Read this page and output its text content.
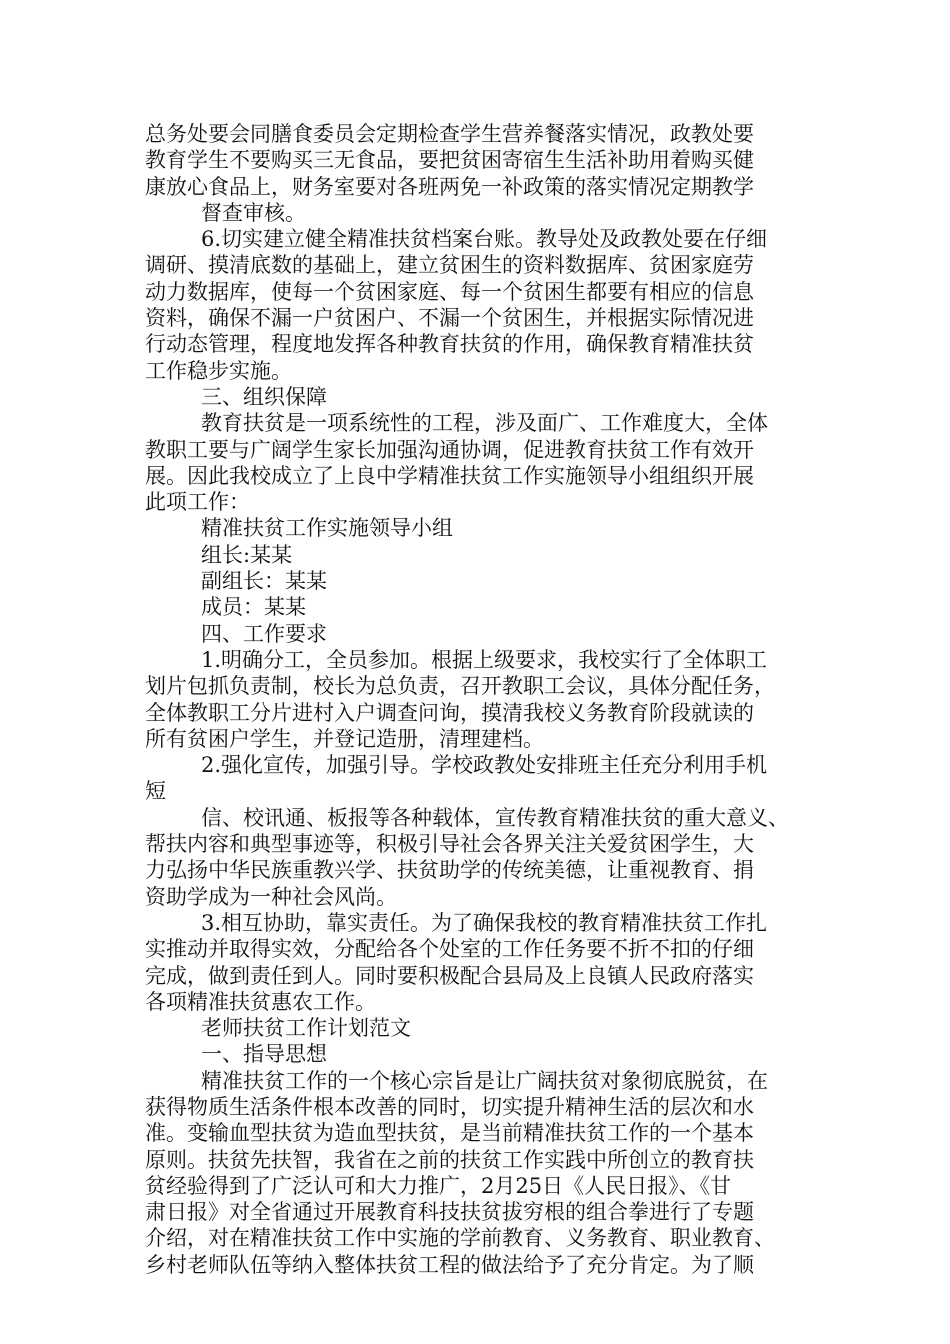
总务处要会同膳食委员会定期检查学生营养餐落实情况，政教处要
教育学生不要购买三无食品，要把贫困寄宿生生活补助用着购买健
康放心食品上，财务室要对各班两免一补政策的落实情况定期教学
督查审核。
6.切实建立健全精准扶贫档案台账。教导处及政教处要在仔细
调研、摸清底数的基础上，建立贫困生的资料数据库、贫困家庭劳
动力数据库，使每一个贫困家庭、每一个贫困生都要有相应的信息
资料，确保不漏一户贫困户、不漏一个贫困生，并根据实际情况进
行动态管理，程度地发挥各种教育扶贫的作用，确保教育精准扶贫
工作稳步实施。
三、组织保障
教育扶贫是一项系统性的工程，涉及面广、工作难度大，全体
教职工要与广阔学生家长加强沟通协调，促进教育扶贫工作有效开
展。因此我校成立了上良中学精准扶贫工作实施领导小组组织开展
此项工作：
精准扶贫工作实施领导小组
组长:某某
副组长：某某
成员：某某
四、工作要求
1.明确分工，全员参加。根据上级要求，我校实行了全体职工
划片包抓负责制，校长为总负责，召开教职工会议，具体分配任务，
全体教职工分片进村入户调查问询，摸清我校义务教育阶段就读的
所有贫困户学生，并登记造册，清理建档。
2.强化宣传，加强引导。学校政教处安排班主任充分利用手机
短
信、校讯通、板报等各种载体，宣传教育精准扶贫的重大意义、
帮扶内容和典型事迹等，积极引导社会各界关注关爱贫困学生，大
力弘扬中华民族重教兴学、扶贫助学的传统美德，让重视教育、捐
资助学成为一种社会风尚。
3.相互协助，靠实责任。为了确保我校的教育精准扶贫工作扎
实推动并取得实效，分配给各个处室的工作任务要不折不扣的仔细
完成，做到责任到人。同时要积极配合县局及上良镇人民政府落实
各项精准扶贫惠农工作。
老师扶贫工作计划范文
一、指导思想
精准扶贫工作的一个核心宗旨是让广阔扶贫对象彻底脱贫，在
获得物质生活条件根本改善的同时，切实提升精神生活的层次和水
准。变输血型扶贫为造血型扶贫，是当前精准扶贫工作的一个基本
原则。扶贫先扶智，我省在之前的扶贫工作实践中所创立的教育扶
贫经验得到了广泛认可和大力推广，2月25日《人民日报》、《甘
肃日报》对全省通过开展教育科技扶贫拔穷根的组合拳进行了专题
介绍，对在精准扶贫工作中实施的学前教育、义务教育、职业教育、
乡村老师队伍等纳入整体扶贫工程的做法给予了充分肯定。为了顺
